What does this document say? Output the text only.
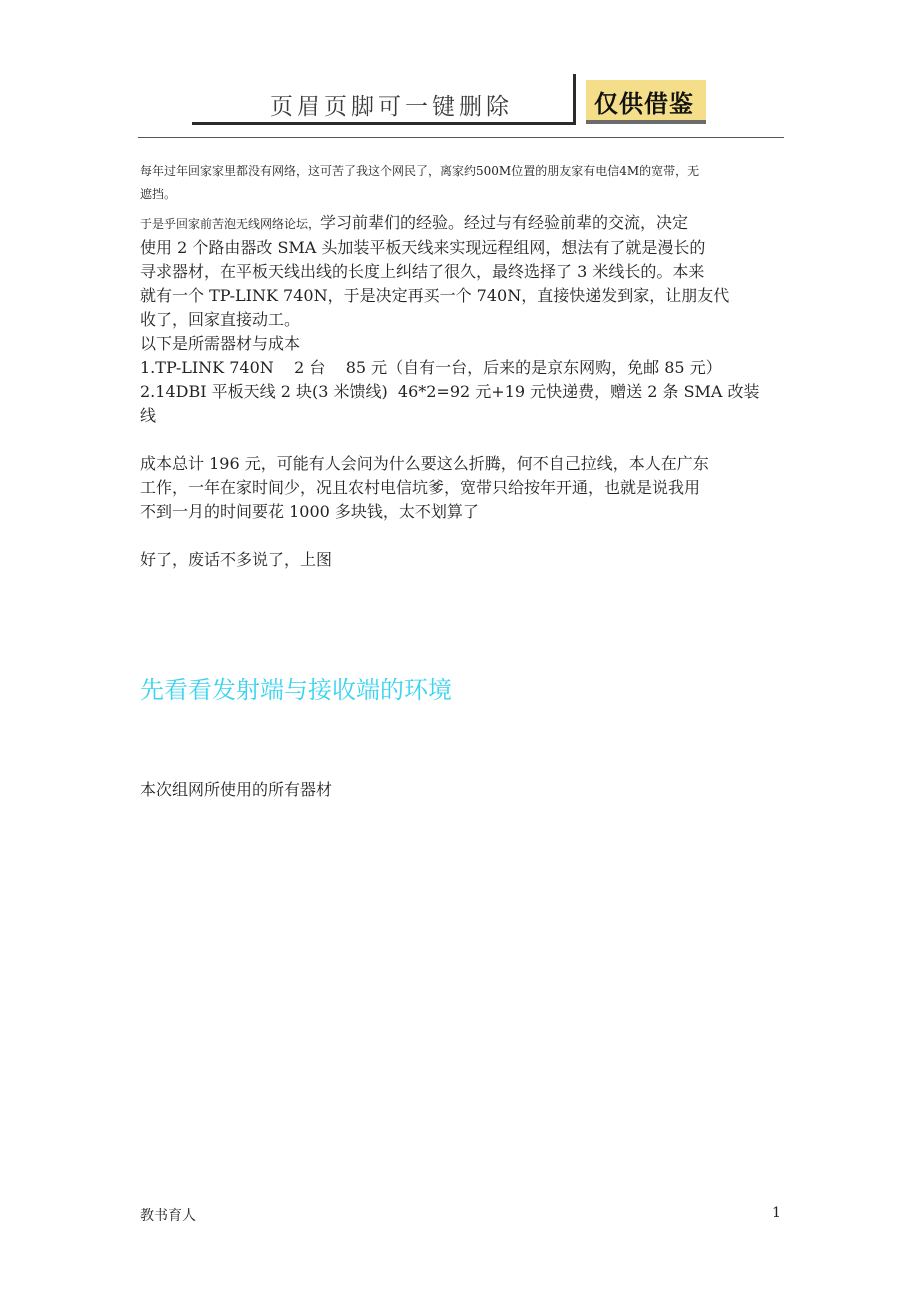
页眉页脚可一键删除	仅供借鉴
每年过年回家家里都没有网络，这可苦了我这个网民了，离家约500M位置的朋友家有电信4M的宽带，无
遮挡。
于是乎回家前苦泡无线网络论坛，学习前辈们的经验。经过与有经验前辈的交流，决定
使用 2 个路由器改 SMA 头加装平板天线来实现远程组网，想法有了就是漫长的
寻求器材，在平板天线出线的长度上纠结了很久，最终选择了 3 米线长的。本来
就有一个 TP-LINK 740N，于是决定再买一个 740N，直接快递发到家，让朋友代
收了，回家直接动工。
以下是所需器材与成本
1.TP-LINK 740N    2 台    85 元（自有一台，后来的是京东网购，免邮 85 元）
2.14DBI 平板天线 2 块(3 米馈线)  46*2=92 元+19 元快递费，赠送 2 条 SMA 改装
线
成本总计 196 元，可能有人会问为什么要这么折腾，何不自己拉线，本人在广东
工作，一年在家时间少，况且农村电信坑爹，宽带只给按年开通，也就是说我用
不到一月的时间要花 1000 多块钱，太不划算了
好了，废话不多说了，上图
先看看发射端与接收端的环境
本次组网所使用的所有器材
教书育人	1
